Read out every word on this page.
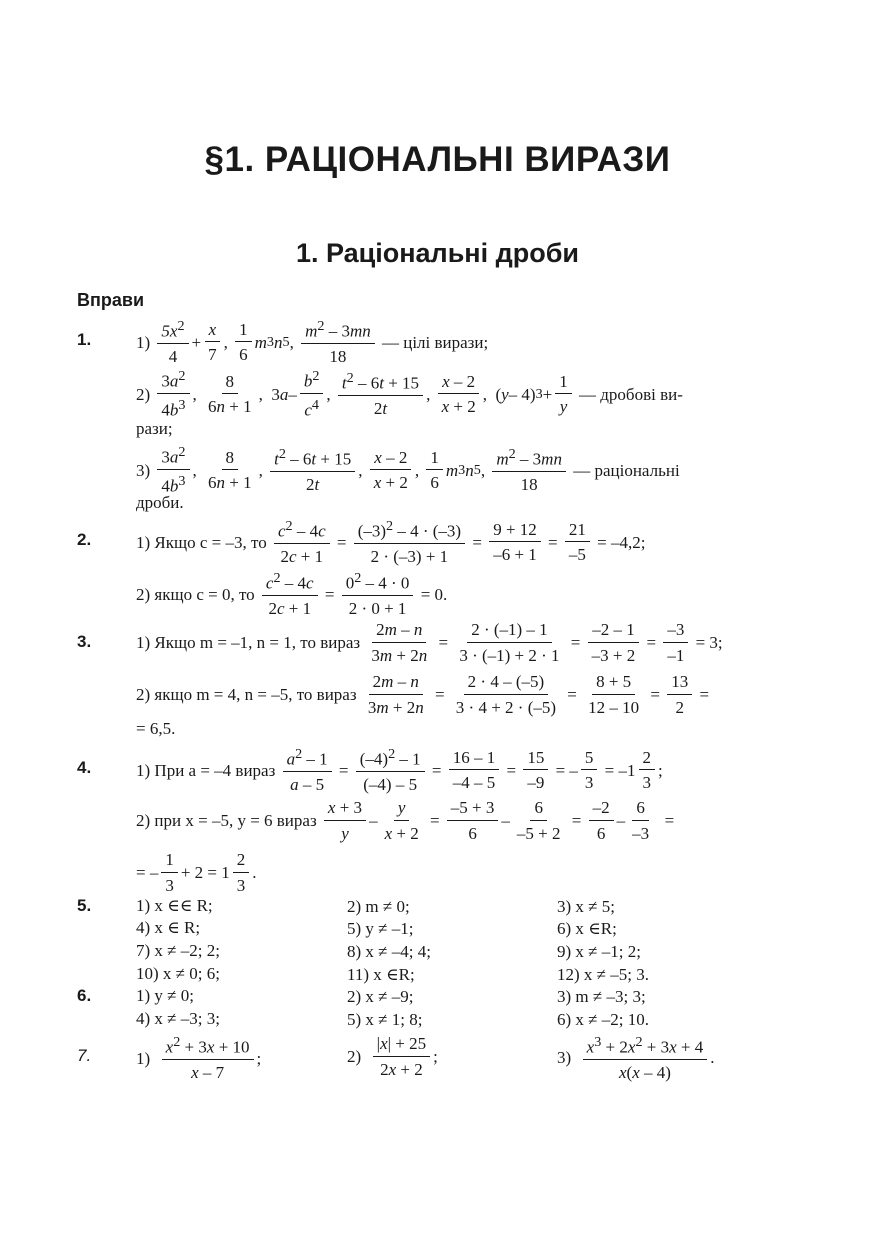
§1. РАЦІОНАЛЬНІ ВИРАЗИ
1. Раціональні дроби
Вправи
1.
2.
3.
4.
5.
6.
7.
1)

$5x^2$
4
+
x
7
,
1
6
m 3 n 5 ,
$m^2 - 3mn$
18

— цілі вирази;
2)

$3a^2$
$4b^3$
,
8
6n + 1
,  3 a –
$b^2$
$c^4$
,
$t^2 - 6t + 15$
2t
,
x – 2
x + 2
,  ( y – 4) 3 +
1
y

— дробові ви-
рази;
3)

$3a^2$
$4b^3$
,
8
6n + 1
,
$t^2 - 6t + 15$
2t
,
x – 2
x + 2
,
1
6
m 3 n 5 ,
$m^2 - 3mn$
18

— раціональні
дроби.
1) Якщо c = –3, то

$c^2 - 4c$
2c + 1
=
$(-3)^2 - 4 \cdot (-3)$
2 · (–3) + 1
=
9 + 12
–6 + 1
= $\frac{21}{-5}$
= –4,2;
2) якщо c = 0, то

$c^2 - 4c$
2c + 1
= $\frac{0^2 - 4 \cdot 0}{2 \cdot 0 + 1}$
= 0.
1) Якщо m = –1, n = 1, то вираз

2m – n
3m + 2n
=
2 · (–1) – 1
3 · (–1) + 2 · 1
=
–2 – 1
–3 + 2
= $\frac{-3}{-1}$
= 3;
2) якщо m = 4, n = –5, то вираз

2m – n
3m + 2n
=
2 · 4 – (–5)
3 · 4 + 2 · (–5)
=
8 + 5
12 – 10
= $\frac{13}{2}$
=
= 6,5.
1) При a = –4 вираз

$a^2 - 1$
a – 5
=
$(-4)^2 - 1$
(–4) – 5
=
16 – 1
–4 – 5
=
15
–9
= –
5
3
= –1
2
3
;
2) при x = –5, y = 6 вираз

x + 3
y
–
y
x + 2
=
–5 + 3
6
–
6
–5 + 2
=
–2
6
–
6
–3
=
= –
1
3
+ 2 = 1
2
3
.
1) x ∈∈ R;	2) m ≠ 0;	3) x ≠ 5;
4) x ∈ R;	5) y ≠ –1;	6) x ∈R;
7) x ≠ –2; 2;	8) x ≠ –4; 4;	9) x ≠ –1; 2;
10) x ≠ 0; 6;	11) x ∈R;	12) x ≠ –5; 3.
1) y ≠ 0;	2) x ≠ –9;	3) m ≠ –3; 3;
4) x ≠ –3; 3;	5) x ≠ 1; 8;	6) x ≠ –2; 10.
1)

$x^2 + 3x + 10$
x – 7
;	2)

|x| + 25
2x + 2
;	3)

$x^3 + 2x^2 + 3x + 4$
x(x – 4)
.
